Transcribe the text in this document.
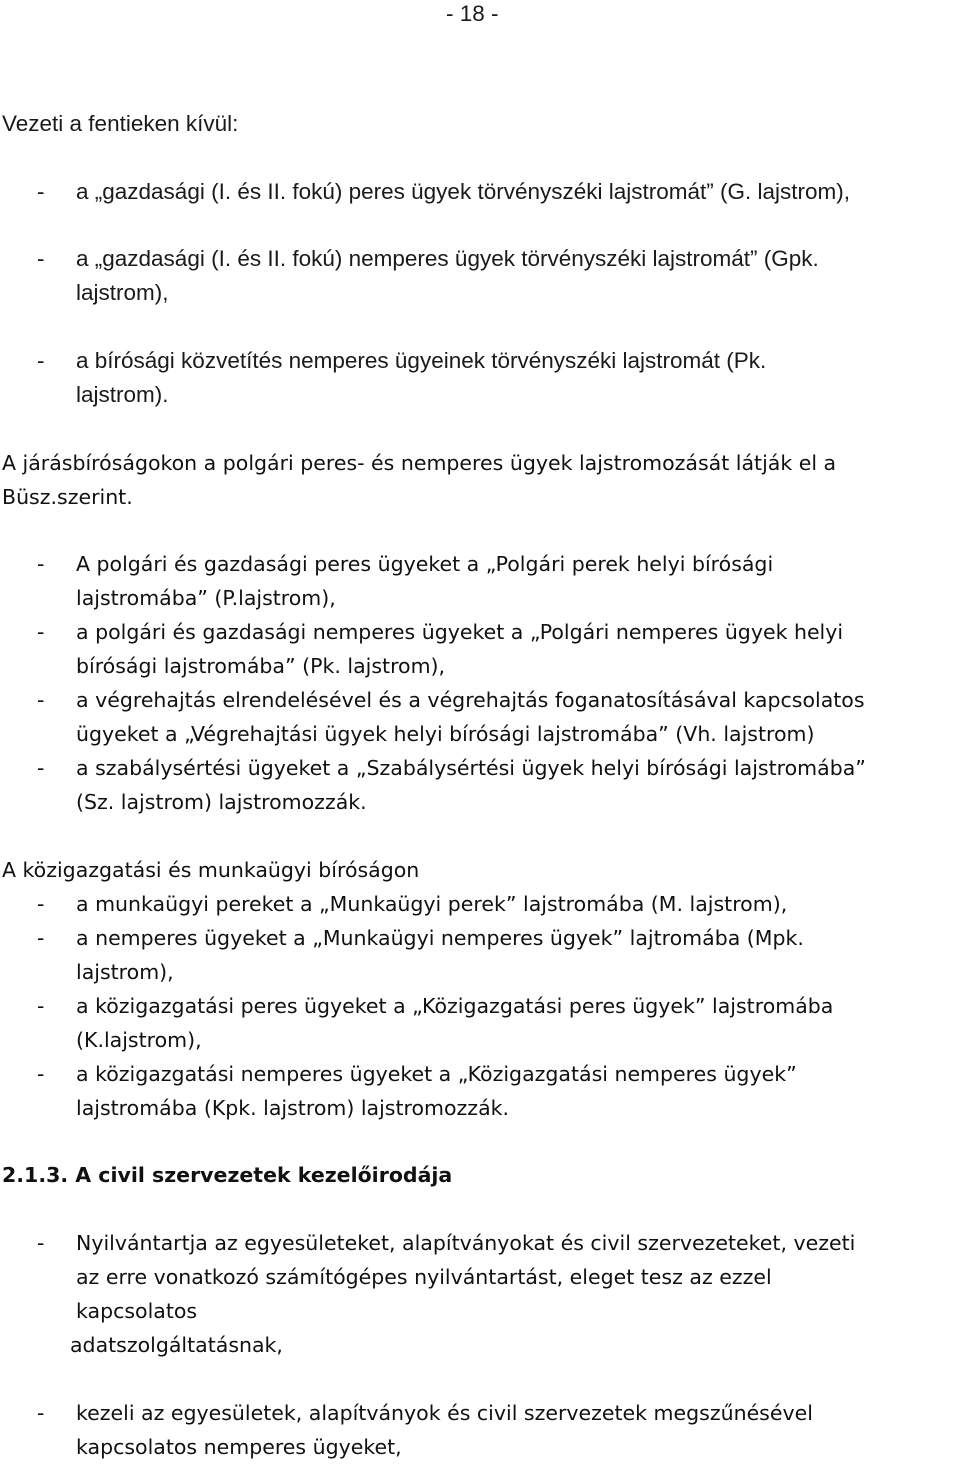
- 18 -
Vezeti a fentieken kívül:
- a „gazdasági (I. és II. fokú) peres ügyek törvényszéki lajstromát” (G. lajstrom),
- a „gazdasági (I. és II. fokú) nemperes ügyek törvényszéki lajstromát” (Gpk.
lajstrom),
- a bírósági közvetítés nemperes ügyeinek törvényszéki lajstromát (Pk.
lajstrom).
A járásbíróságokon a polgári peres- és nemperes ügyek lajstromozását látják el a
Büsz.szerint.
- A polgári és gazdasági peres ügyeket a „Polgári perek helyi bírósági
lajstromába” (P.lajstrom),
- a polgári és gazdasági nemperes ügyeket a „Polgári nemperes ügyek helyi
bírósági lajstromába” (Pk. lajstrom),
- a végrehajtás elrendelésével és a végrehajtás foganatosításával kapcsolatos
ügyeket a „Végrehajtási ügyek helyi bírósági lajstromába” (Vh. lajstrom)
- a szabálysértési ügyeket a „Szabálysértési ügyek helyi bírósági lajstromába”
(Sz. lajstrom) lajstromozzák.
A közigazgatási és munkaügyi bíróságon
- a munkaügyi pereket a „Munkaügyi perek” lajstromába (M. lajstrom),
- a nemperes ügyeket a „Munkaügyi nemperes ügyek” lajtromába (Mpk.
lajstrom),
- a közigazgatási peres ügyeket a „Közigazgatási peres ügyek” lajstromába
(K.lajstrom),
- a közigazgatási nemperes ügyeket a „Közigazgatási nemperes ügyek”
lajstromába (Kpk. lajstrom) lajstromozzák.
2.1.3. A civil szervezetek kezelőirodája
- Nyilvántartja az egyesületeket, alapítványokat és civil szervezeteket, vezeti
az erre vonatkozó számítógépes nyilvántartást, eleget tesz az ezzel
kapcsolatos
adatszolgáltatásnak,
- kezeli az egyesületek, alapítványok és civil szervezetek megszűnésével
kapcsolatos nemperes ügyeket,
